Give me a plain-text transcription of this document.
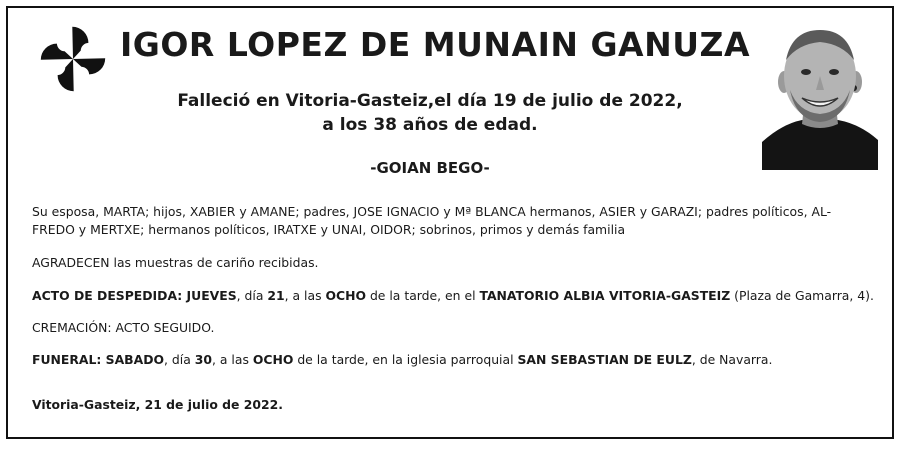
IGOR LOPEZ DE MUNAIN GANUZA
Falleció en Vitoria-Gasteiz,el día 19 de julio de 2022,
a los 38 años de edad.
-GOIAN BEGO-
Su esposa, MARTA; hijos, XABIER y AMANE; padres, JOSE IGNACIO y Mª BLANCA hermanos, ASIER y GARAZI; padres políticos, AL-
FREDO y MERTXE; hermanos políticos, IRATXE y UNAI, OIDOR; sobrinos, primos y demás familia
AGRADECEN las muestras de cariño recibidas.
ACTO DE DESPEDIDA: JUEVES, día 21, a las OCHO de la tarde, en el TANATORIO ALBIA VITORIA-GASTEIZ (Plaza de Gamarra, 4).
CREMACIÓN: ACTO SEGUIDO.
FUNERAL: SABADO, día 30, a las OCHO de la tarde, en la iglesia parroquial SAN SEBASTIAN DE EULZ, de Navarra.
Vitoria-Gasteiz, 21 de julio de 2022.
